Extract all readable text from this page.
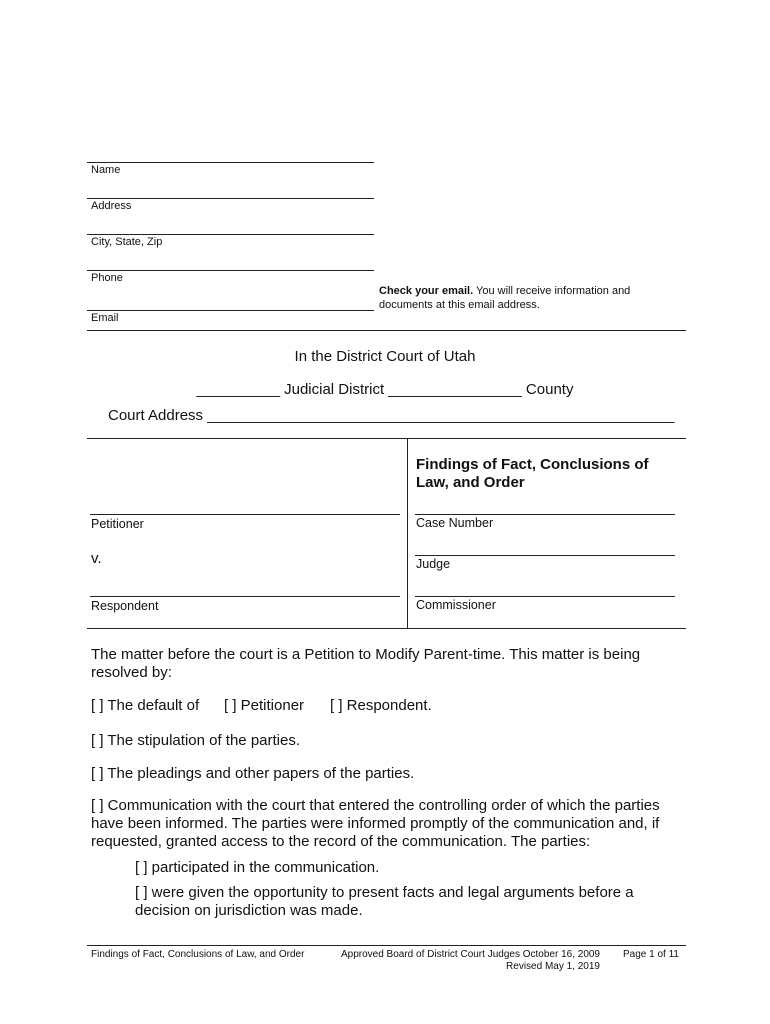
Name
Address
City, State, Zip
Phone
Email
Check your email. You will receive information and
documents at this email address.
In the District Court of Utah
__________ Judicial District ________________ County
Court Address ________________________________________________________
Findings of Fact, Conclusions of
Law, and Order
Petitioner
v.
Respondent
Case Number
Judge
Commissioner
The matter before the court is a Petition to Modify Parent-time. This matter is being
resolved by:
[ ] The default of [ ] Petitioner [ ] Respondent.
[ ] The stipulation of the parties.
[ ] The pleadings and other papers of the parties.
[ ] Communication with the court that entered the controlling order of which the parties
have been informed. The parties were informed promptly of the communication and, if
requested, granted access to the record of the communication. The parties:
[ ] participated in the communication.
[ ] were given the opportunity to present facts and legal arguments before a
decision on jurisdiction was made.
Findings of Fact, Conclusions of Law, and Order	Approved Board of District Court Judges October 16, 2009
Revised May 1, 2019
Page 1 of 11
